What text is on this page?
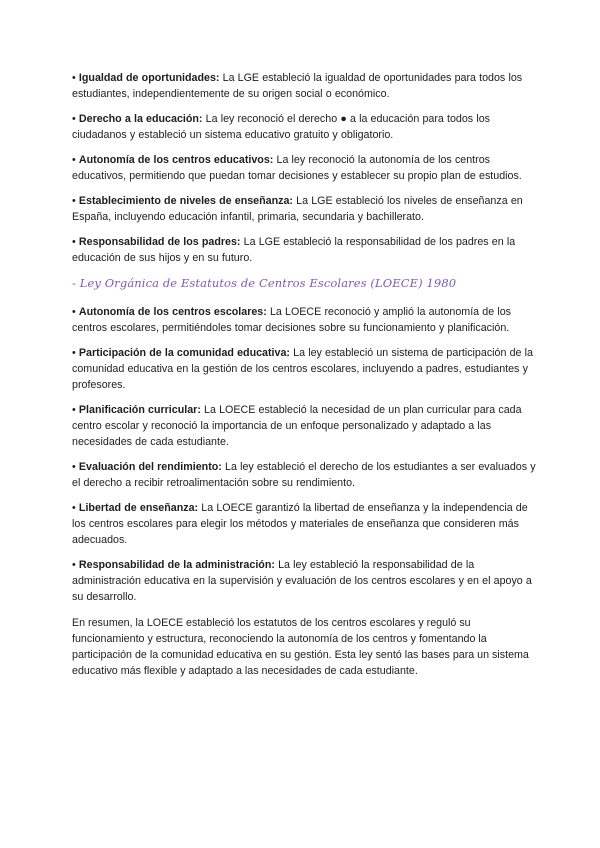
• Igualdad de oportunidades: La LGE estableció la igualdad de oportunidades para todos los estudiantes, independientemente de su origen social o económico.

• Derecho a la educación: La ley reconoció el derecho ● a la educación para todos los ciudadanos y estableció un sistema educativo gratuito y obligatorio.

• Autonomía de los centros educativos: La ley reconoció la autonomía de los centros educativos, permitiendo que puedan tomar decisiones y establecer su propio plan de estudios.

• Establecimiento de niveles de enseñanza: La LGE estableció los niveles de enseñanza en España, incluyendo educación infantil, primaria, secundaria y bachillerato.

• Responsabilidad de los padres: La LGE estableció la responsabilidad de los padres en la educación de sus hijos y en su futuro.

- Ley Orgánica de Estatutos de Centros Escolares (LOECE) 1980

• Autonomía de los centros escolares: La LOECE reconoció y amplió la autonomía de los centros escolares, permitiéndoles tomar decisiones sobre su funcionamiento y planificación.

• Participación de la comunidad educativa: La ley estableció un sistema de participación de la comunidad educativa en la gestión de los centros escolares, incluyendo a padres, estudiantes y profesores.

• Planificación curricular: La LOECE estableció la necesidad de un plan curricular para cada centro escolar y reconoció la importancia de un enfoque personalizado y adaptado a las necesidades de cada estudiante.

• Evaluación del rendimiento: La ley estableció el derecho de los estudiantes a ser evaluados y el derecho a recibir retroalimentación sobre su rendimiento.

• Libertad de enseñanza: La LOECE garantizó la libertad de enseñanza y la independencia de los centros escolares para elegir los métodos y materiales de enseñanza que consideren más adecuados.

• Responsabilidad de la administración: La ley estableció la responsabilidad de la administración educativa en la supervisión y evaluación de los centros escolares y en el apoyo a su desarrollo.

En resumen, la LOECE estableció los estatutos de los centros escolares y reguló su funcionamiento y estructura, reconociendo la autonomía de los centros y fomentando la participación de la comunidad educativa en su gestión. Esta ley sentó las bases para un sistema educativo más flexible y adaptado a las necesidades de cada estudiante.
